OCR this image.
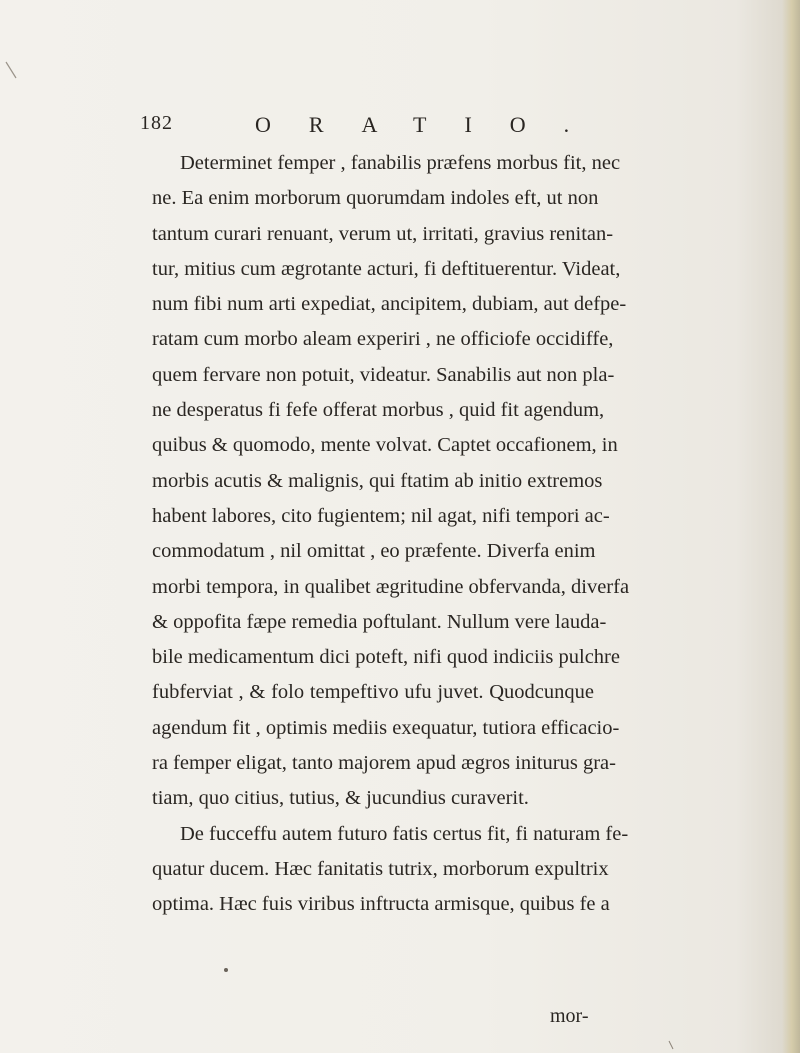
182	ORATIO.
Determinet femper , fanabilis præfens morbus fit, nec
ne. Ea enim morborum quorumdam indoles eft, ut non
tantum curari renuant, verum ut, irritati, gravius renitan-
tur, mitius cum ægrotante acturi, fi deftituerentur. Videat,
num fibi num arti expediat, ancipitem, dubiam, aut defpe-
ratam cum morbo aleam experiri , ne officiofe occidiffe,
quem fervare non potuit, videatur. Sanabilis aut non pla-
ne desperatus fi fefe offerat morbus , quid fit agendum,
quibus & quomodo, mente volvat. Captet occafionem, in
morbis acutis & malignis, qui ftatim ab initio extremos
habent labores, cito fugientem; nil agat, nifi tempori ac-
commodatum , nil omittat , eo præfente. Diverfa enim
morbi tempora, in qualibet ægritudine obfervanda, diverfa
& oppofita fæpe remedia poftulant. Nullum vere lauda-
bile medicamentum dici poteft, nifi quod indiciis pulchre
fubferviat , & folo tempeftivo ufu juvet. Quodcunque
agendum fit , optimis mediis exequatur, tutiora efficacio-
ra femper eligat, tanto majorem apud ægros initurus gra-
tiam, quo citius, tutius, & jucundius curaverit.
De fucceffu autem futuro fatis certus fit, fi naturam fe-
quatur ducem. Hæc fanitatis tutrix, morborum expultrix
optima. Hæc fuis viribus inftructa armisque, quibus fe a
mor-
